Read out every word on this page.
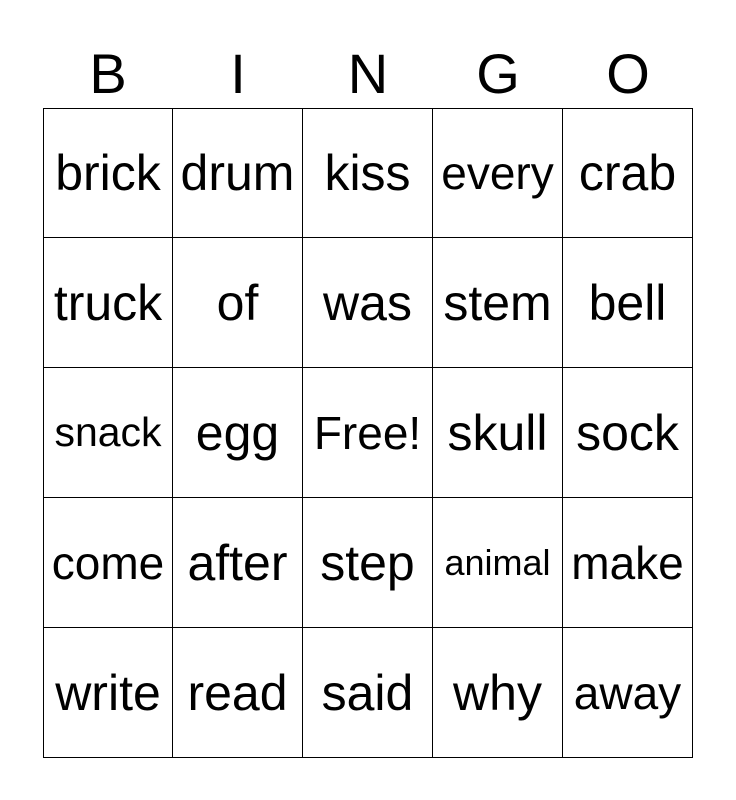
B	I	N	G	O
brick drum kiss every crab
truck	of	was stem bell
snack egg Free! skull sock
come after step animal make
write read said why away
